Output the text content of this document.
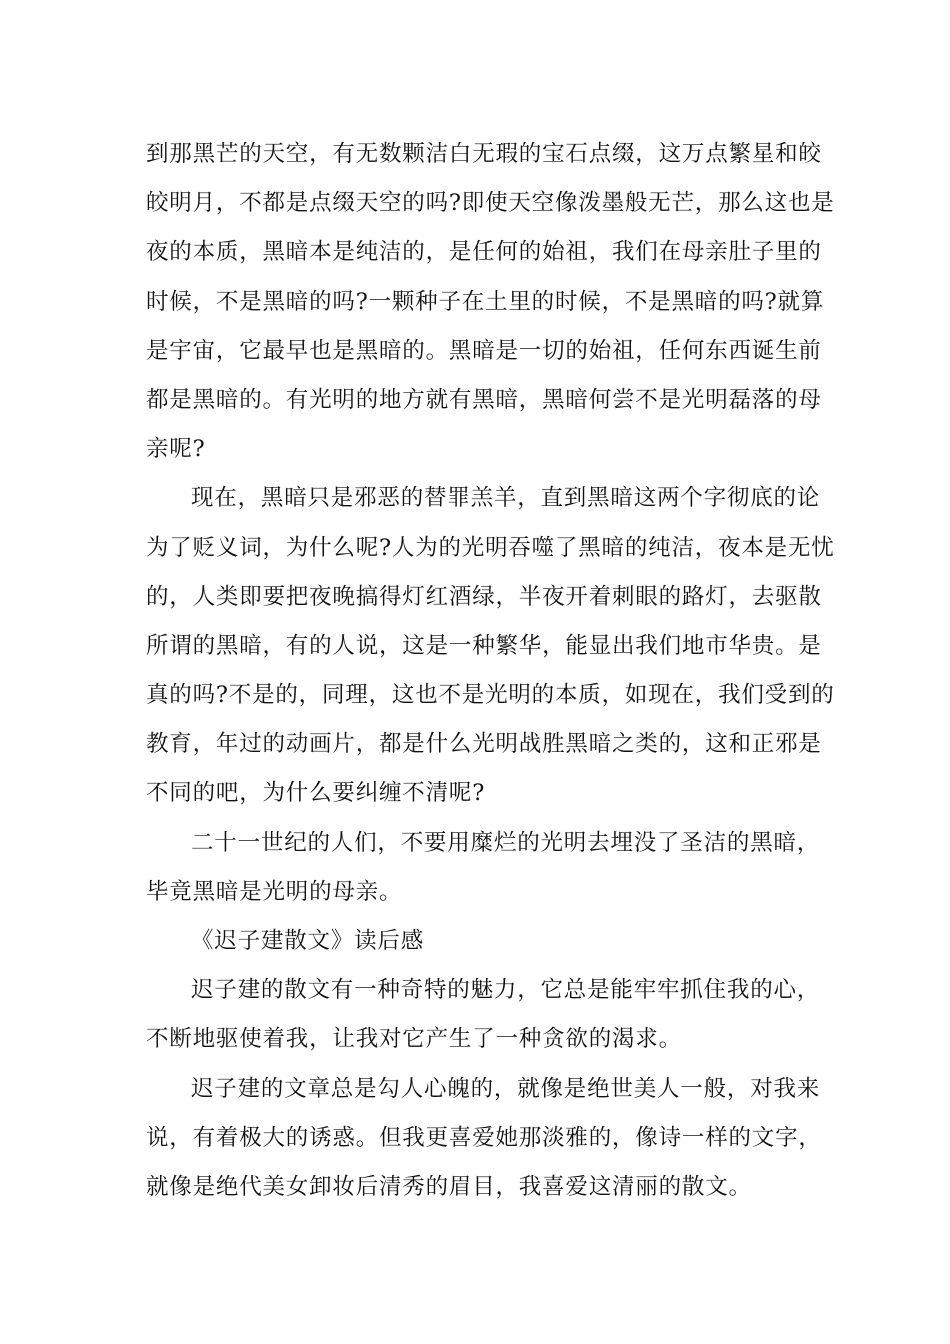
到那黑芒的天空，有无数颗洁白无瑕的宝石点缀，这万点繁星和皎
皎明月，不都是点缀天空的吗?即使天空像泼墨般无芒，那么这也是
夜的本质，黑暗本是纯洁的，是任何的始祖，我们在母亲肚子里的
时候，不是黑暗的吗?一颗种子在土里的时候，不是黑暗的吗?就算
是宇宙，它最早也是黑暗的。黑暗是一切的始祖，任何东西诞生前
都是黑暗的。有光明的地方就有黑暗，黑暗何尝不是光明磊落的母
亲呢?
现在，黑暗只是邪恶的替罪羔羊，直到黑暗这两个字彻底的论
为了贬义词，为什么呢?人为的光明吞噬了黑暗的纯洁，夜本是无忧
的，人类即要把夜晚搞得灯红酒绿，半夜开着刺眼的路灯，去驱散
所谓的黑暗，有的人说，这是一种繁华，能显出我们地市华贵。是
真的吗?不是的，同理，这也不是光明的本质，如现在，我们受到的
教育，年过的动画片，都是什么光明战胜黑暗之类的，这和正邪是
不同的吧，为什么要纠缠不清呢?
二十一世纪的人们，不要用糜烂的光明去埋没了圣洁的黑暗，
毕竟黑暗是光明的母亲。
《迟子建散文》读后感
迟子建的散文有一种奇特的魅力，它总是能牢牢抓住我的心，
不断地驱使着我，让我对它产生了一种贪欲的渴求。
迟子建的文章总是勾人心魄的，就像是绝世美人一般，对我来
说，有着极大的诱惑。但我更喜爱她那淡雅的，像诗一样的文字，
就像是绝代美女卸妆后清秀的眉目，我喜爱这清丽的散文。
